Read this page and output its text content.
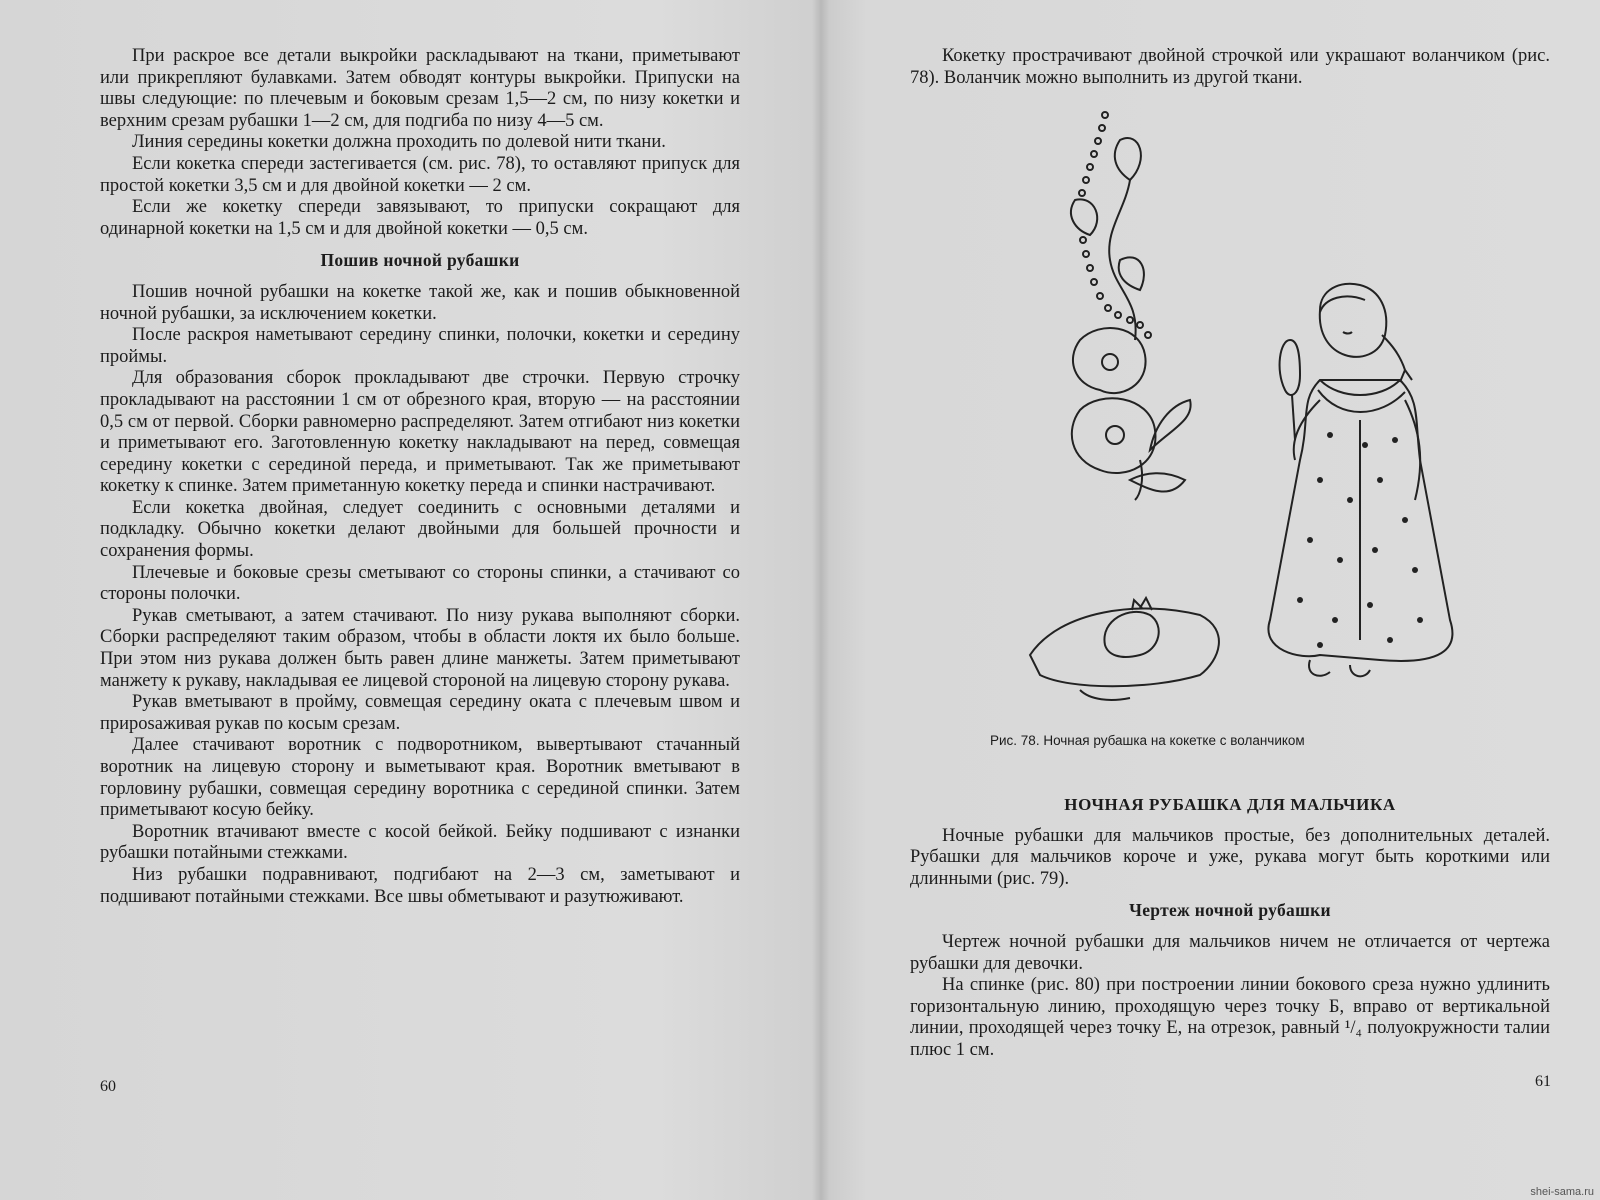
При раскрое все детали выкройки раскладывают на ткани, приметывают или прикрепляют булавками. Затем обводят контуры выкройки. Припуски на швы следующие: по плечевым и боковым срезам 1,5—2 см, по низу кокетки и верхним срезам рубашки 1—2 см, для подгиба по низу 4—5 см.

Линия середины кокетки должна проходить по долевой нити ткани.

Если кокетка спереди застегивается (см. рис. 78), то оставляют припуск для простой кокетки 3,5 см и для двойной кокетки — 2 см.

Если же кокетку спереди завязывают, то припуски сокращают для одинарной кокетки на 1,5 см и для двойной кокетки — 0,5 см.

Пошив ночной рубашки

Пошив ночной рубашки на кокетке такой же, как и пошив обыкновенной ночной рубашки, за исключением кокетки.

После раскроя наметывают середину спинки, полочки, кокетки и середину проймы.

Для образования сборок прокладывают две строчки. Первую строчку прокладывают на расстоянии 1 см от обрезного края, вторую — на расстоянии 0,5 см от первой. Сборки равномерно распределяют. Затем отгибают низ кокетки и приметывают его. Заготовленную кокетку накладывают на перед, совмещая середину кокетки с серединой переда, и приметывают. Так же приметывают кокетку к спинке. Затем приметанную кокетку переда и спинки настрачивают.

Если кокетка двойная, следует соединить с основными деталями и подкладку. Обычно кокетки делают двойными для большей прочности и сохранения формы.

Плечевые и боковые срезы сметывают со стороны спинки, а стачивают со стороны полочки.

Рукав сметывают, а затем стачивают. По низу рукава выполняют сборки. Сборки распределяют таким образом, чтобы в области локтя их было больше. При этом низ рукава должен быть равен длине манжеты. Затем приметывают манжету к рукаву, накладывая ее лицевой стороной на лицевую сторону рукава.

Рукав вметывают в пройму, совмещая середину оката с плечевым швом и приposаживая рукав по косым срезам.

Далее стачивают воротник с подворотником, вывертывают стачанный воротник на лицевую сторону и выметывают края. Воротник вметывают в горловину рубашки, совмещая середину воротника с серединой спинки. Затем приметывают косую бейку.

Воротник втачивают вместе с косой бейкой. Бейку подшивают с изнанки рубашки потайными стежками.

Низ рубашки подравнивают, подгибают на 2—3 см, заметывают и подшивают потайными стежками. Все швы обметывают и разутюживают.

60

Кокетку простpачивают двойной строчкой или украшают воланчиком (рис. 78). Воланчик можно выполнить из другой ткани.

Рис. 78. Ночная рубашка на кокетке с воланчиком

НОЧНАЯ РУБАШКА ДЛЯ МАЛЬЧИКА

Ночные рубашки для мальчиков простые, без дополнительных деталей. Рубашки для мальчиков короче и уже, рукава могут быть короткими или длинными (рис. 79).

Чертеж ночной рубашки

Чертеж ночной рубашки для мальчиков ничем не отличается от чертежа рубашки для девочки.

На спинке (рис. 80) при построении линии бокового среза нужно удлинить горизонтальную линию, проходящую через точку Б, вправо от вертикальной линии, проходящей через точку Е, на отрезок, равный ¹/₄ полуокружности талии плюс 1 см.

61
shei-sama.ru
